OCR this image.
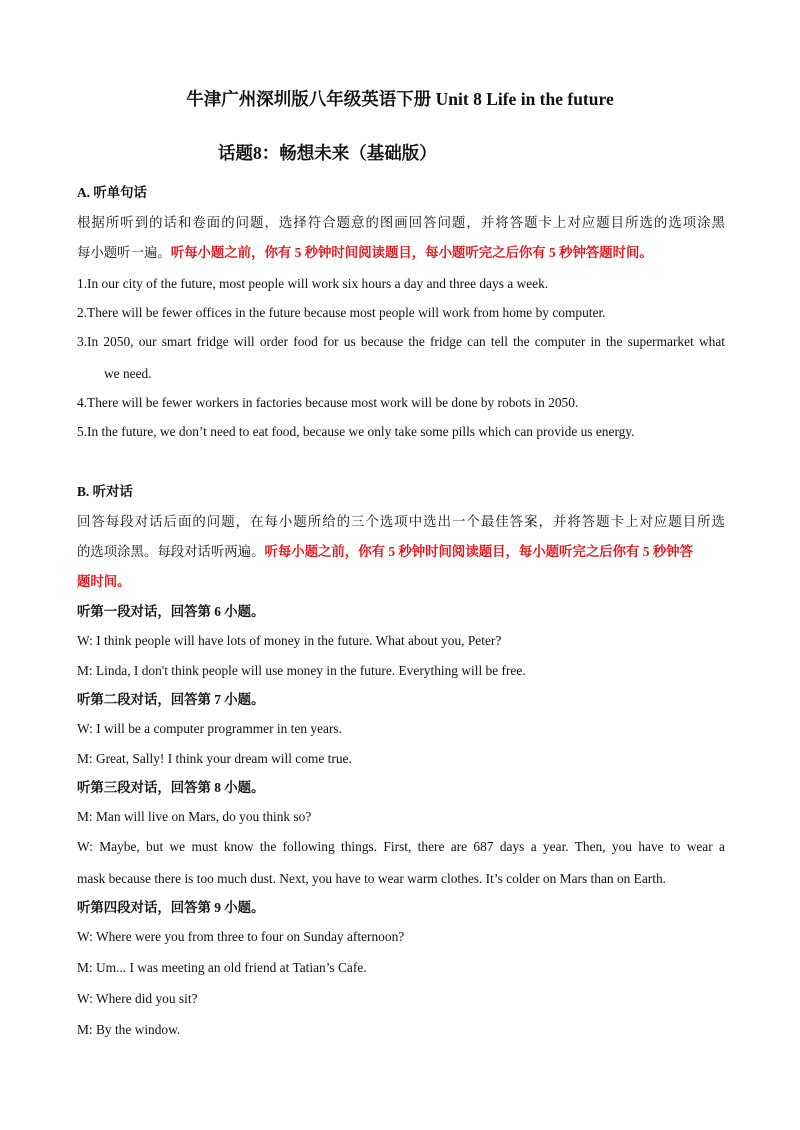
牛津广州深圳版八年级英语下册 Unit 8 Life in the future
话题8：畅想未来（基础版）
A. 听单句话
根据所听到的话和卷面的问题，选择符合题意的图画回答问题，并将答题卡上对应题目所选的选项涂黑
每小题听一遍。听每小题之前，你有 5 秒钟时间阅读题目，每小题听完之后你有 5 秒钟答题时间。
1.In our city of the future, most people will work six hours a day and three days a week.
2.There will be fewer offices in the future because most people will work from home by computer.
3.In 2050, our smart fridge will order food for us because the fridge can tell the computer in the supermarket what
we need.
4.There will be fewer workers in factories because most work will be done by robots in 2050.
5.In the future, we don’t need to eat food, because we only take some pills which can provide us energy.
B. 听对话
回答每段对话后面的问题，在每小题所给的三个选项中选出一个最佳答案，并将答题卡上对应题目所选
的选项涂黑。每段对话听两遍。听每小题之前，你有 5 秒钟时间阅读题目，每小题听完之后你有 5 秒钟答
题时间。
听第一段对话，回答第 6 小题。
W: I think people will have lots of money in the future. What about you, Peter?
M: Linda, I don't think people will use money in the future. Everything will be free.
听第二段对话，回答第 7 小题。
W: I will be a computer programmer in ten years.
M: Great, Sally! I think your dream will come true.
听第三段对话，回答第 8 小题。
M: Man will live on Mars, do you think so?
W: Maybe, but we must know the following things. First, there are 687 days a year. Then, you have to wear a
mask because there is too much dust. Next, you have to wear warm clothes. It’s colder on Mars than on Earth.
听第四段对话，回答第 9 小题。
W: Where were you from three to four on Sunday afternoon?
M: Um... I was meeting an old friend at Tatian’s Cafe.
W: Where did you sit?
M: By the window.
